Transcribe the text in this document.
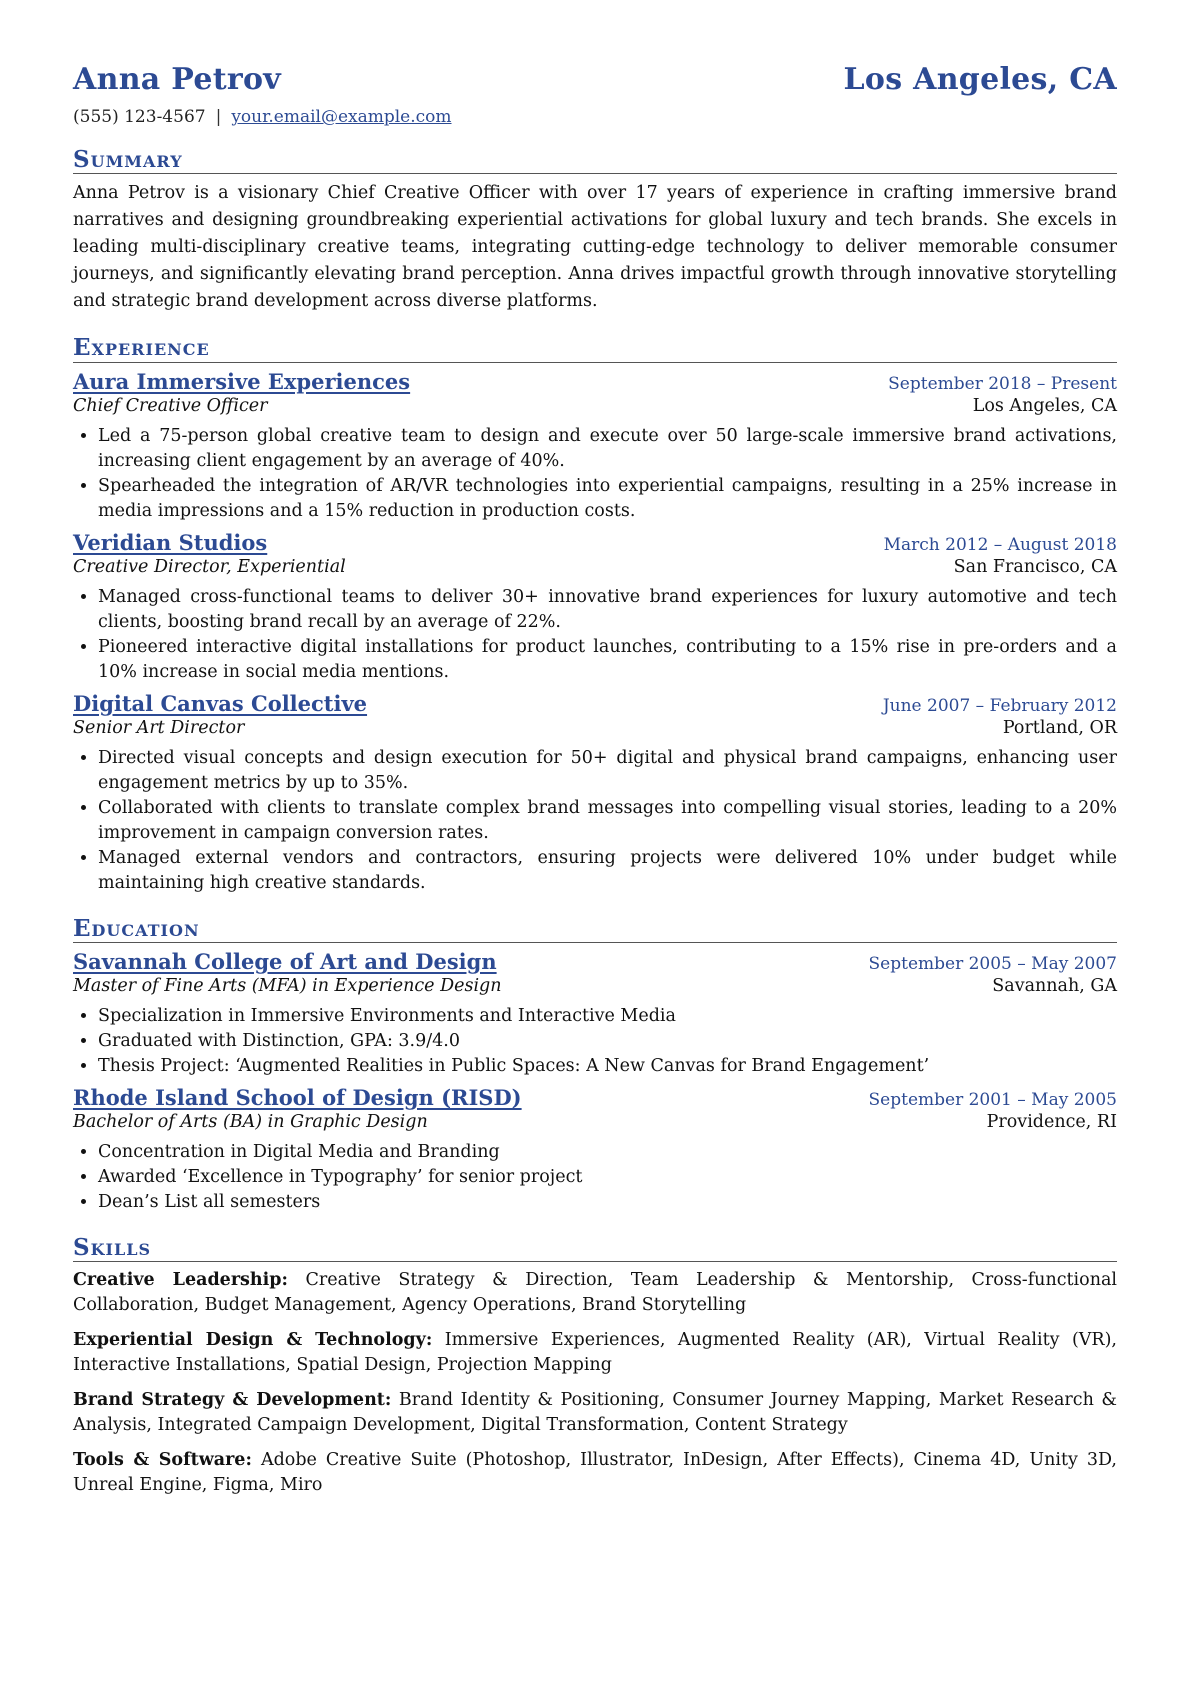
Anna Petrov	Los Angeles, CA
(555) 123-4567 | your.email@example.com
Summary
Anna Petrov is a visionary Chief Creative Officer with over 17 years of experience in crafting immersive brand narratives and designing groundbreaking experiential activations for global luxury and tech brands. She excels in leading multi-disciplinary creative teams, integrating cutting-edge technology to deliver memorable consumer journeys, and significantly elevating brand perception. Anna drives impactful growth through innovative storytelling and strategic brand development across diverse platforms.
Experience
Aura Immersive Experiences	September 2018 – Present
Chief Creative Officer	Los Angeles, CA
• Led a 75-person global creative team to design and execute over 50 large-scale immersive brand activations, increasing client engagement by an average of 40%.
• Spearheaded the integration of AR/VR technologies into experiential campaigns, resulting in a 25% increase in media impressions and a 15% reduction in production costs.
Veridian Studios	March 2012 – August 2018
Creative Director, Experiential	San Francisco, CA
• Managed cross-functional teams to deliver 30+ innovative brand experiences for luxury automotive and tech clients, boosting brand recall by an average of 22%.
• Pioneered interactive digital installations for product launches, contributing to a 15% rise in pre-orders and a 10% increase in social media mentions.
Digital Canvas Collective	June 2007 – February 2012
Senior Art Director	Portland, OR
• Directed visual concepts and design execution for 50+ digital and physical brand campaigns, enhancing user engagement metrics by up to 35%.
• Collaborated with clients to translate complex brand messages into compelling visual stories, leading to a 20% improvement in campaign conversion rates.
• Managed external vendors and contractors, ensuring projects were delivered 10% under budget while maintaining high creative standards.
Education
Savannah College of Art and Design	September 2005 – May 2007
Master of Fine Arts (MFA) in Experience Design	Savannah, GA
• Specialization in Immersive Environments and Interactive Media
• Graduated with Distinction, GPA: 3.9/4.0
• Thesis Project: ‘Augmented Realities in Public Spaces: A New Canvas for Brand Engagement’
Rhode Island School of Design (RISD)	September 2001 – May 2005
Bachelor of Arts (BA) in Graphic Design	Providence, RI
• Concentration in Digital Media and Branding
• Awarded ‘Excellence in Typography’ for senior project
• Dean’s List all semesters
Skills
Creative Leadership: Creative Strategy & Direction, Team Leadership & Mentorship, Cross-functional Collaboration, Budget Management, Agency Operations, Brand Storytelling
Experiential Design & Technology: Immersive Experiences, Augmented Reality (AR), Virtual Reality (VR), Interactive Installations, Spatial Design, Projection Mapping
Brand Strategy & Development: Brand Identity & Positioning, Consumer Journey Mapping, Market Research & Analysis, Integrated Campaign Development, Digital Transformation, Content Strategy
Tools & Software: Adobe Creative Suite (Photoshop, Illustrator, InDesign, After Effects), Cinema 4D, Unity 3D, Unreal Engine, Figma, Miro
